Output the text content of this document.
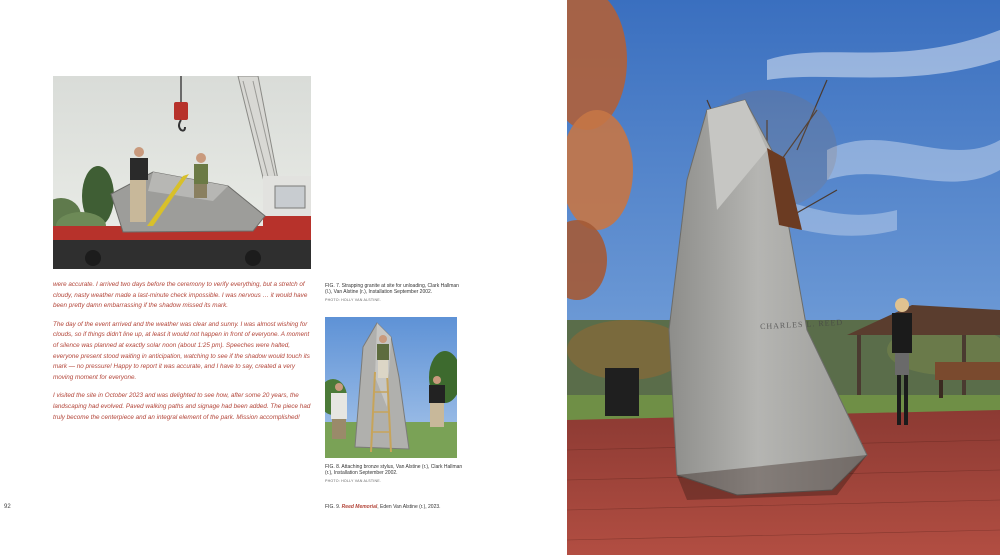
were accurate. I arrived two days before the ceremony to verify everything, but a stretch of cloudy, nasty weather made a last-minute check impossible. I was nervous … it would have been pretty damn embarrassing if the shadow missed its mark.

The day of the event arrived and the weather was clear and sunny. I was almost wishing for clouds, so if things didn't line up, at least it would not happen in front of everyone. A moment of silence was planned at exactly solar noon (about 1:25 pm). Speeches were halted, everyone present stood waiting in anticipation, watching to see if the shadow would touch its mark — no pressure! Happy to report it was accurate, and I have to say, created a very moving moment for everyone.

I visited the site in October 2023 and was delighted to see how, after some 20 years, the landscaping had evolved. Paved walking paths and signage had been added. The piece had truly become the centerpiece and an integral element of the park. Mission accomplished!

FIG. 7. Strapping granite at site for unloading, Clark Hallman (l.), Van Alstine (r.), Installation September 2002.
PHOTO: HOLLY VAN ALSTINE.
FIG. 8. Attaching bronze stylus, Van Alstine (r.), Clark Hallman (r.), Installation September 2002.
PHOTO: HOLLY VAN ALSTINE.
FIG. 9. Reed Memorial, Eden Van Alstine (r.), 2023.
92
CHARLES L. REED
